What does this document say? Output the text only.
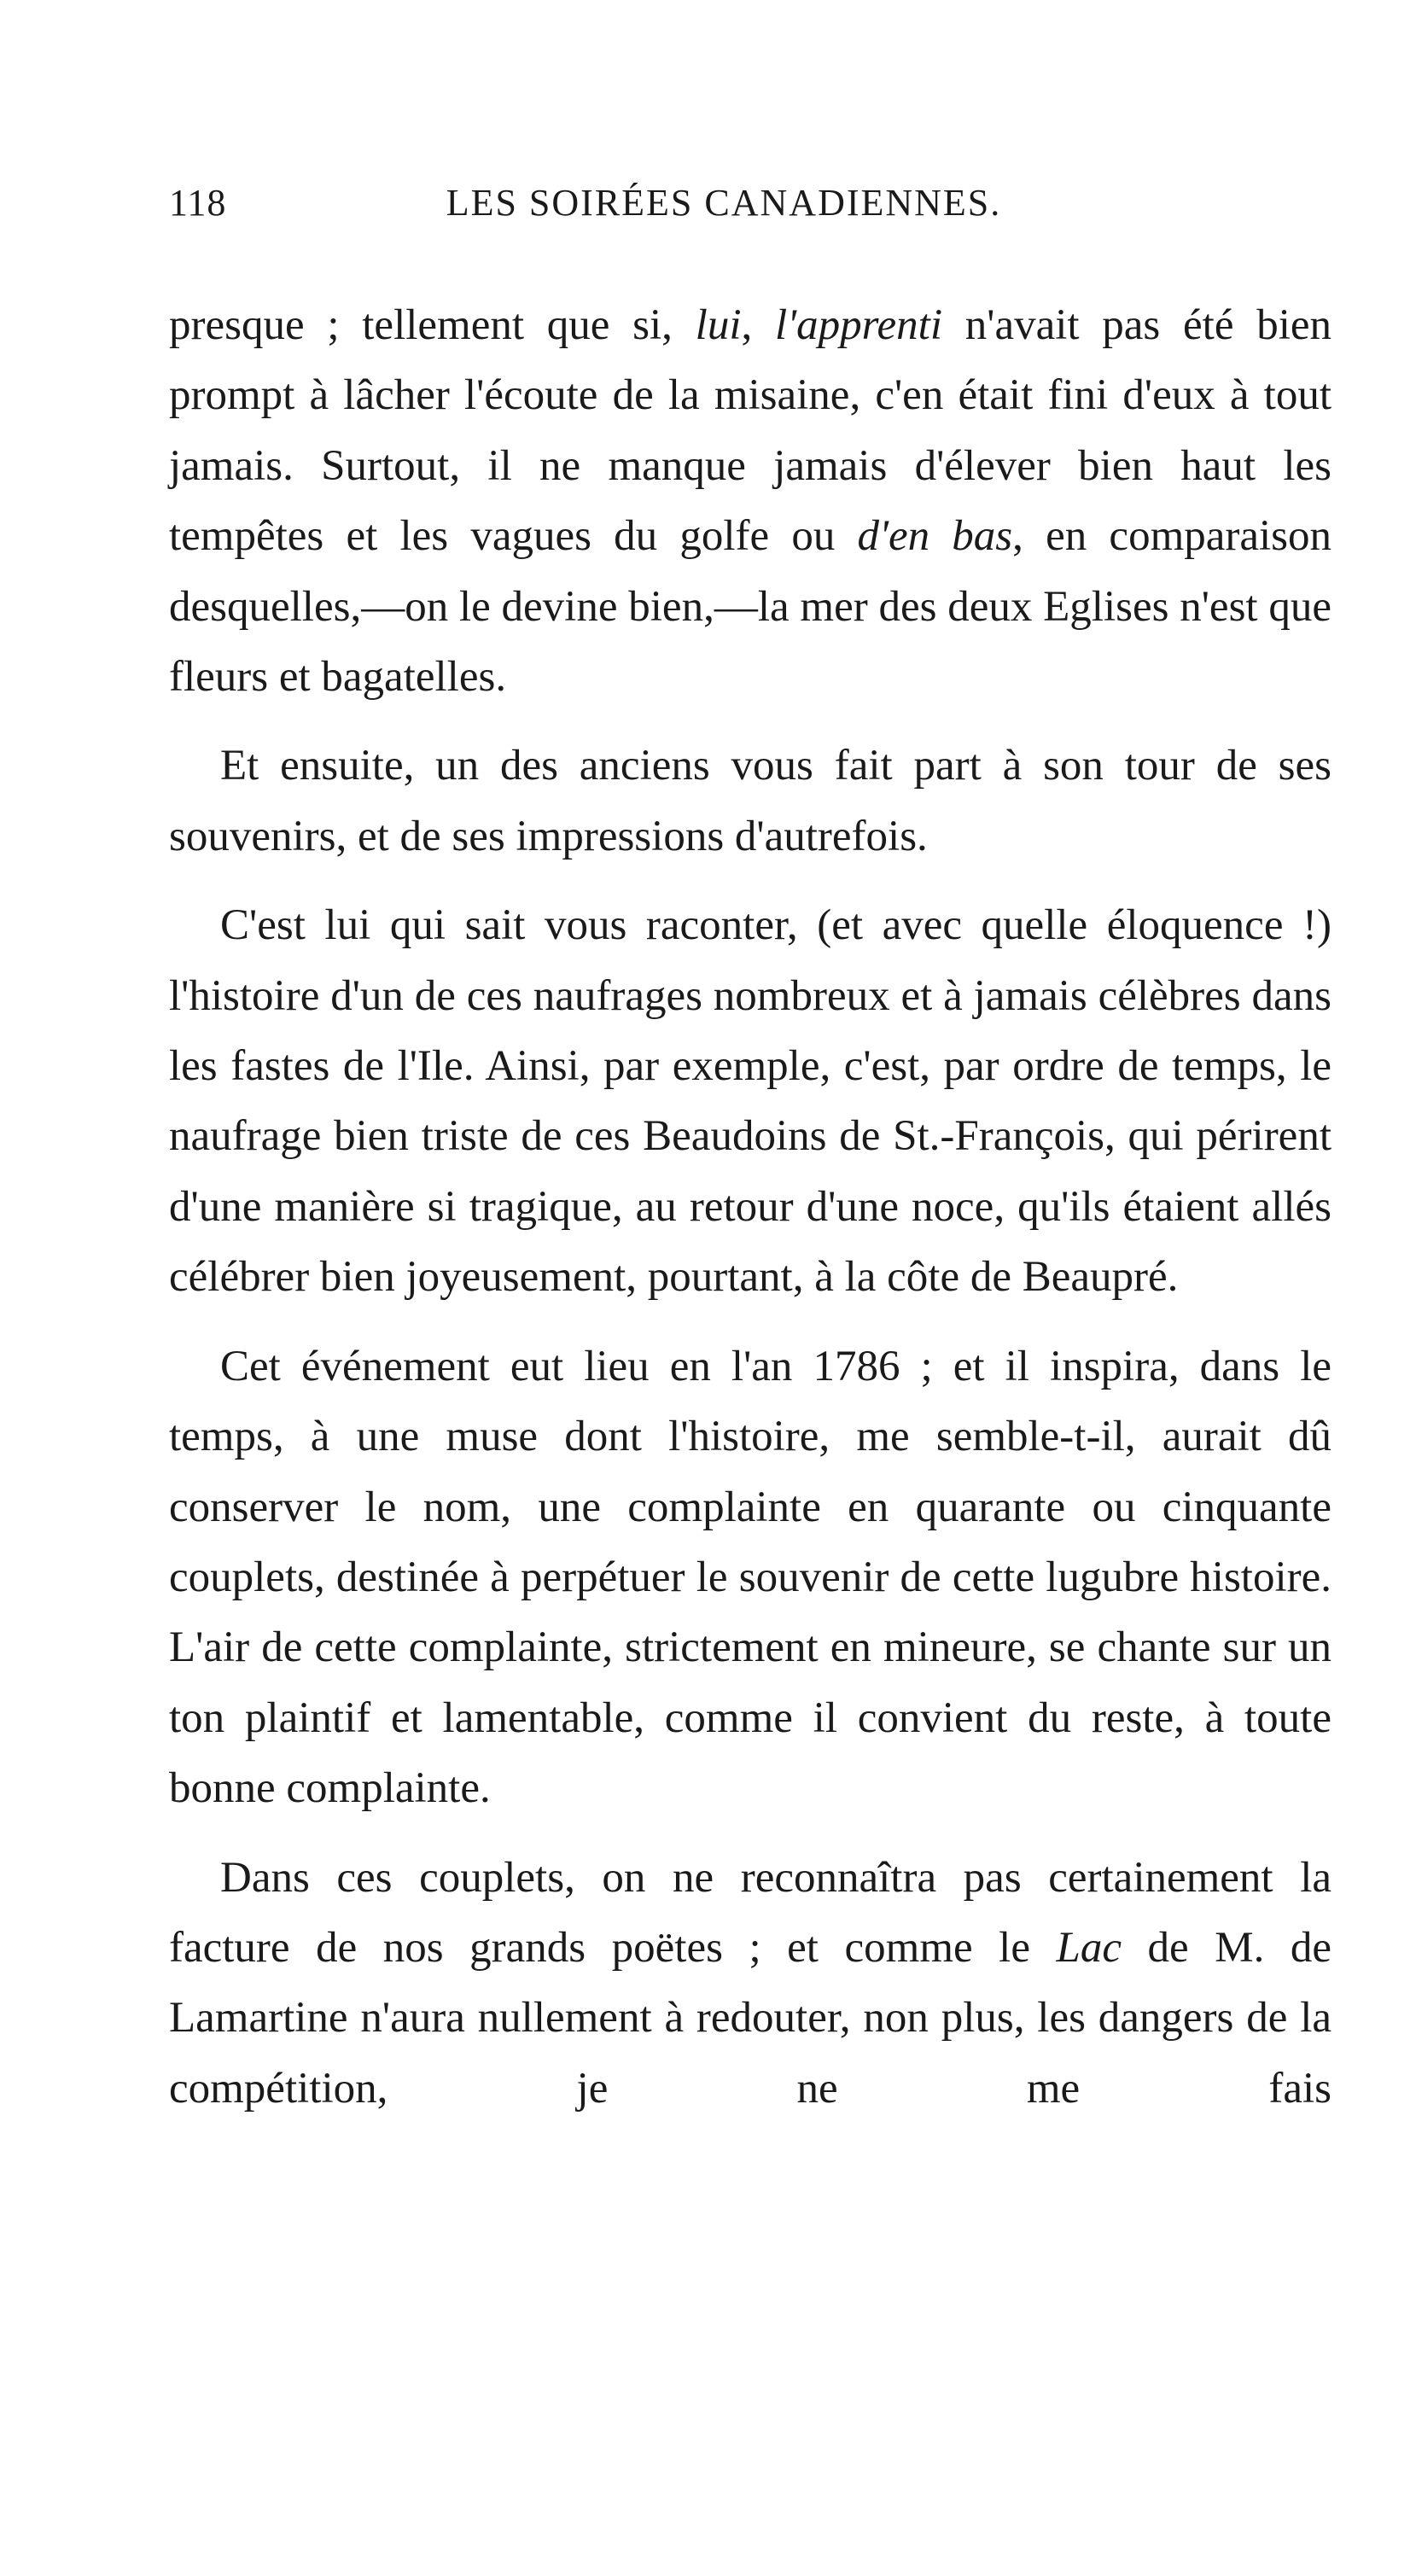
118	LES SOIRÉES CANADIENNES.

presque ; tellement que si, lui, l'apprenti n'avait pas été bien prompt à lâcher l'écoute de la misaine, c'en était fini d'eux à tout jamais. Surtout, il ne manque jamais d'élever bien haut les tempêtes et les vagues du golfe ou d'en bas, en comparaison desquelles,—on le devine bien,—la mer des deux Eglises n'est que fleurs et bagatelles.

Et ensuite, un des anciens vous fait part à son tour de ses souvenirs, et de ses impressions d'autrefois.

C'est lui qui sait vous raconter, (et avec quelle éloquence !) l'histoire d'un de ces naufrages nombreux et à jamais célèbres dans les fastes de l'Ile. Ainsi, par exemple, c'est, par ordre de temps, le naufrage bien triste de ces Beaudoins de St.-François, qui périrent d'une manière si tragique, au retour d'une noce, qu'ils étaient allés célébrer bien joyeusement, pourtant, à la côte de Beaupré.

Cet événement eut lieu en l'an 1786 ; et il inspira, dans le temps, à une muse dont l'histoire, me semble-t-il, aurait dû conserver le nom, une complainte en quarante ou cinquante couplets, destinée à perpétuer le souvenir de cette lugubre histoire. L'air de cette complainte, strictement en mineure, se chante sur un ton plaintif et lamentable, comme il convient du reste, à toute bonne complainte.

Dans ces couplets, on ne reconnaîtra pas certainement la facture de nos grands poëtes ; et comme le Lac de M. de Lamartine n'aura nullement à redouter, non plus, les dangers de la compétition, je ne me fais
